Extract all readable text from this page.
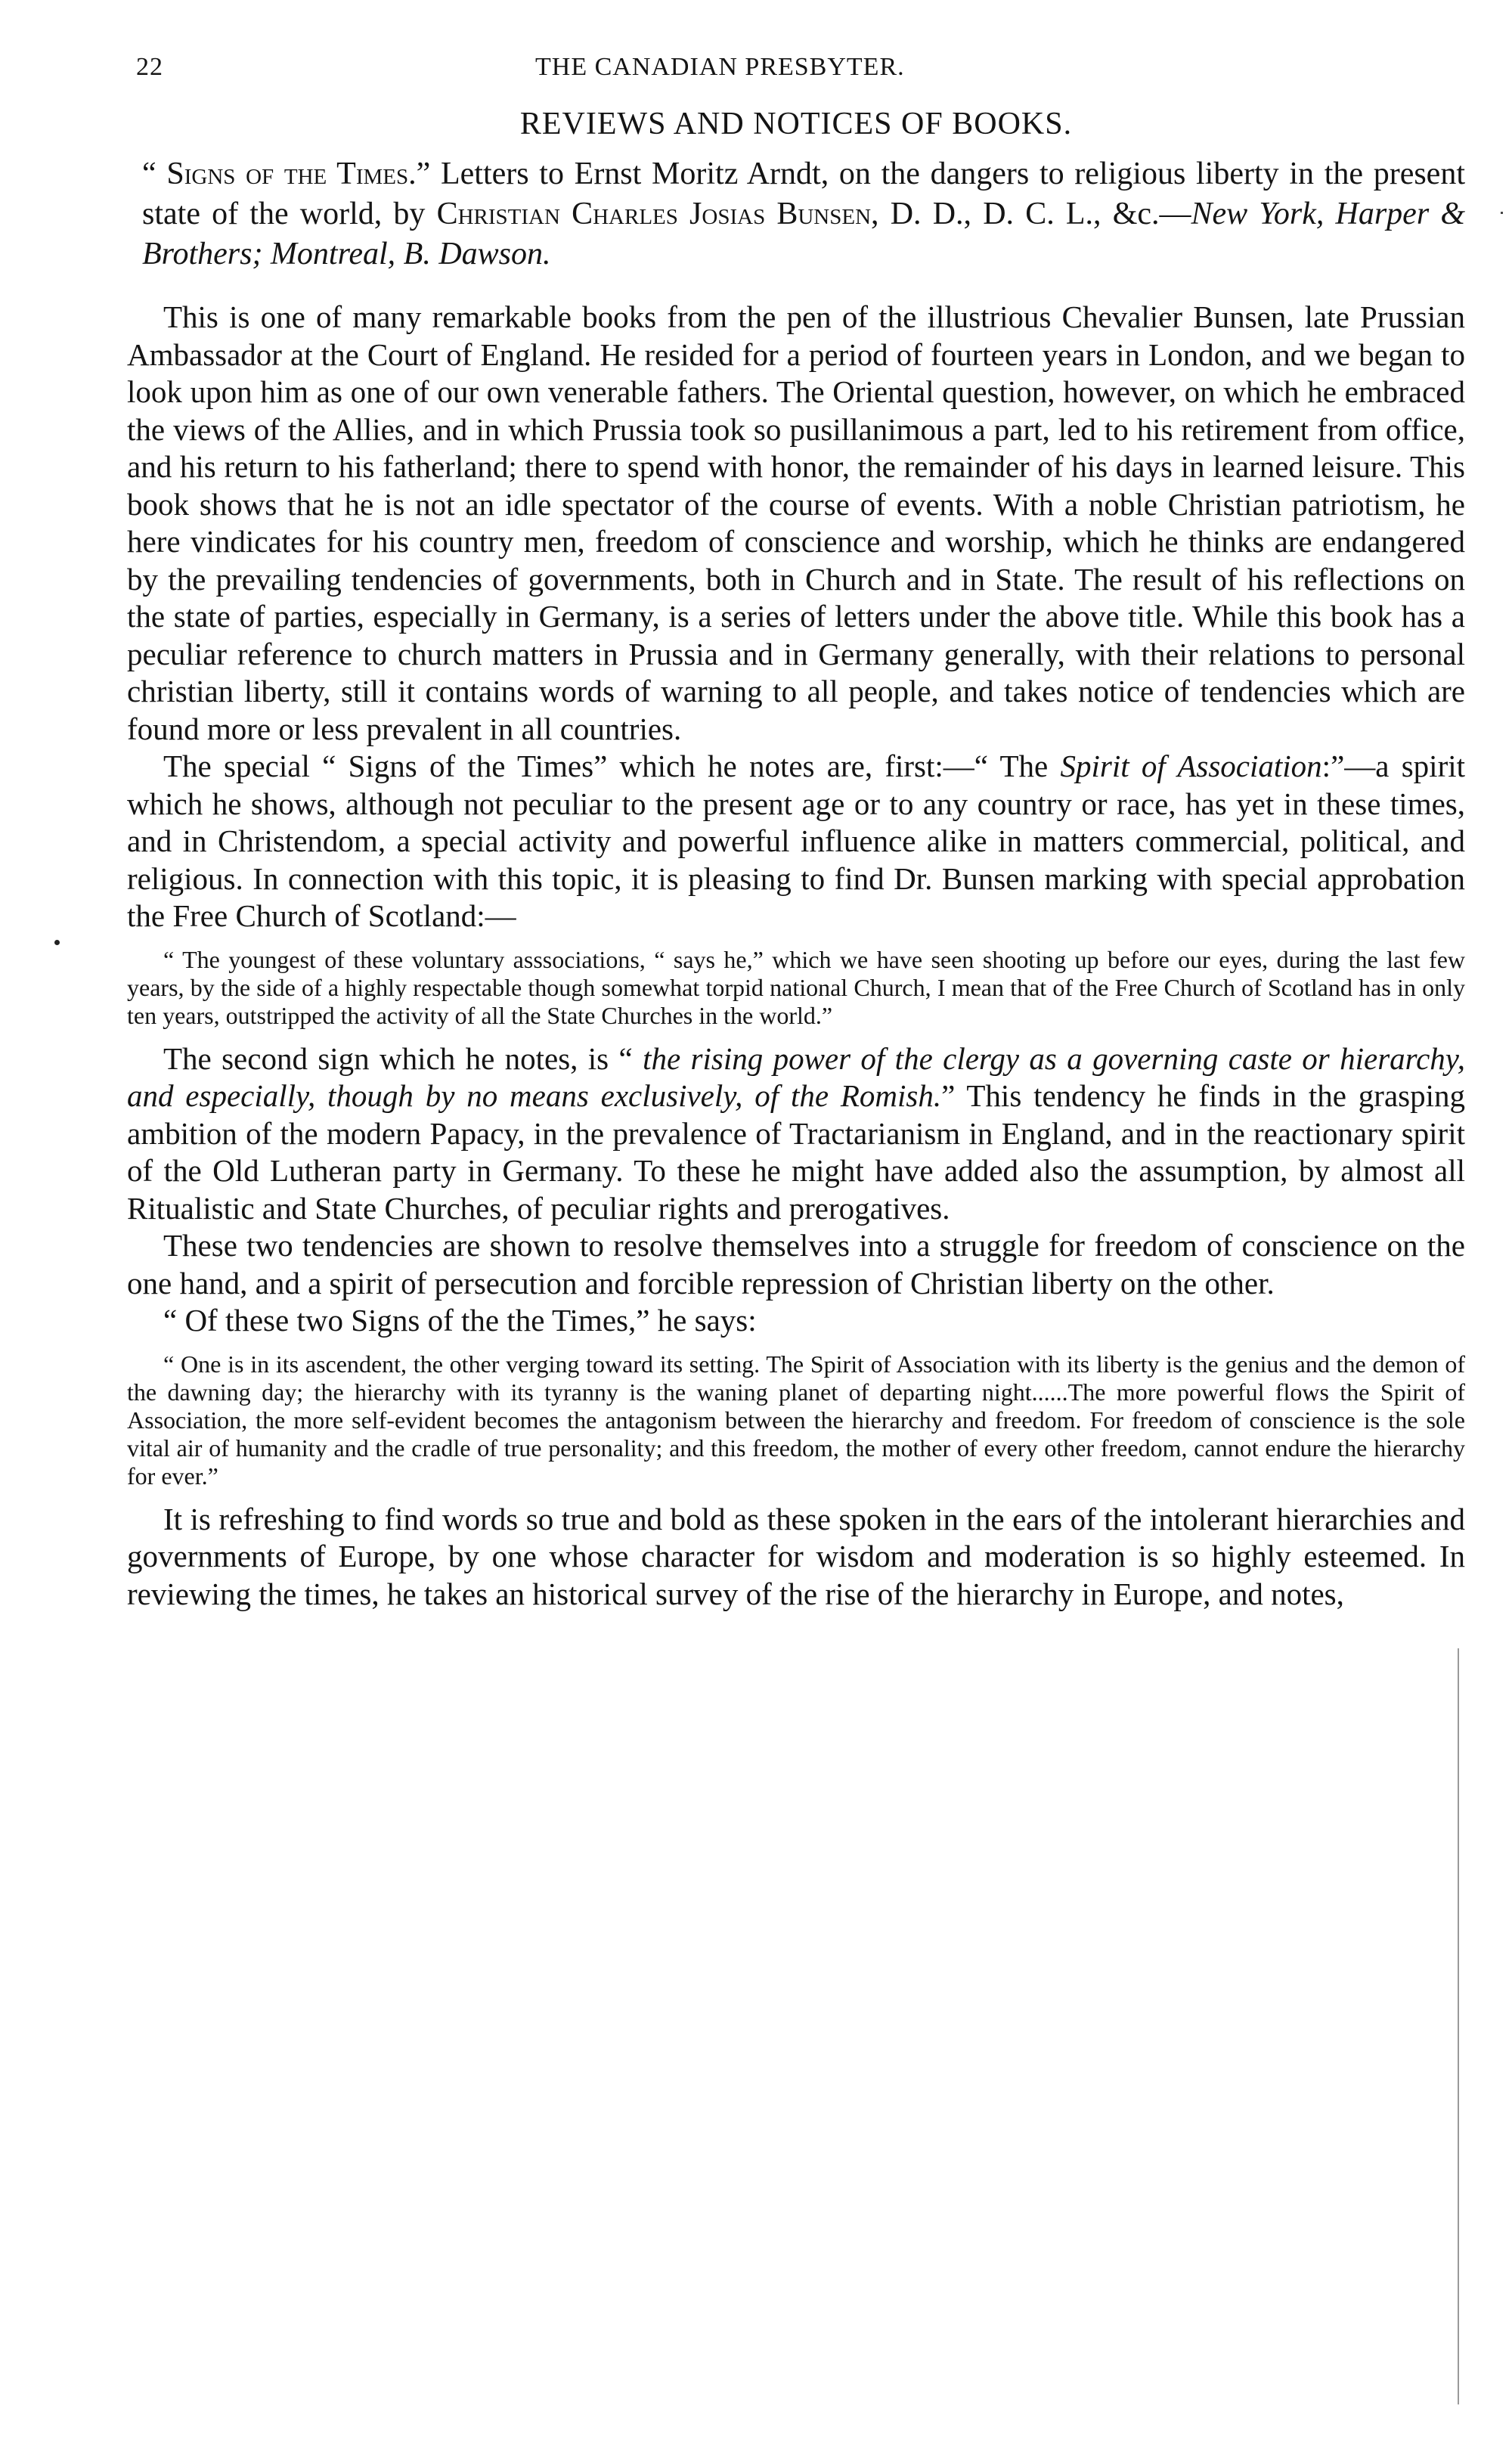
22	THE CANADIAN PRESBYTER.
REVIEWS AND NOTICES OF BOOKS.

“ Signs of the Times.” Letters to Ernst Moritz Arndt, on the dangers to religious liberty in the present state of the world, by Christian Charles Josias Bunsen, D. D., D. C. L., &c.—New York, Harper & Brothers; Montreal, B. Dawson.

This is one of many remarkable books from the pen of the illustrious Chevalier Bunsen, late Prussian Ambassador at the Court of England. He resided for a period of fourteen years in London, and we began to look upon him as one of our own venerable fathers. The Oriental question, however, on which he embraced the views of the Allies, and in which Prussia took so pusillanimous a part, led to his retirement from office, and his return to his fatherland; there to spend with honor, the remainder of his days in learned leisure. This book shows that he is not an idle spectator of the course of events. With a noble Christian patriotism, he here vindicates for his country men, freedom of conscience and worship, which he thinks are endangered by the prevailing tendencies of governments, both in Church and in State. The result of his reflections on the state of parties, especially in Germany, is a series of letters under the above title. While this book has a peculiar reference to church matters in Prussia and in Germany generally, with their relations to personal christian liberty, still it contains words of warning to all people, and takes notice of tendencies which are found more or less prevalent in all countries.

The special “ Signs of the Times” which he notes are, first:—“ The Spirit of Association:”—a spirit which he shows, although not peculiar to the present age or to any country or race, has yet in these times, and in Christendom, a special activity and powerful influence alike in matters commercial, political, and religious. In connection with this topic, it is pleasing to find Dr. Bunsen marking with special approbation the Free Church of Scotland:—

“ The youngest of these voluntary asssociations, “ says he,” which we have seen shooting up before our eyes, during the last few years, by the side of a highly respectable though somewhat torpid national Church, I mean that of the Free Church of Scotland has in only ten years, outstripped the activity of all the State Churches in the world.”

The second sign which he notes, is “ the rising power of the clergy as a governing caste or hierarchy, and especially, though by no means exclusively, of the Romish.” This tendency he finds in the grasping ambition of the modern Papacy, in the prevalence of Tractarianism in England, and in the reactionary spirit of the Old Lutheran party in Germany. To these he might have added also the assumption, by almost all Ritualistic and State Churches, of peculiar rights and prerogatives.

These two tendencies are shown to resolve themselves into a struggle for freedom of conscience on the one hand, and a spirit of persecution and forcible repression of Christian liberty on the other.

“ Of these two Signs of the the Times,” he says:

“ One is in its ascendent, the other verging toward its setting. The Spirit of Association with its liberty is the genius and the demon of the dawning day; the hierarchy with its tyranny is the waning planet of departing night......The more powerful flows the Spirit of Association, the more self-evident becomes the antagonism between the hierarchy and freedom. For freedom of conscience is the sole vital air of humanity and the cradle of true personality; and this freedom, the mother of every other freedom, cannot endure the hierarchy for ever.”

It is refreshing to find words so true and bold as these spoken in the ears of the intolerant hierarchies and governments of Europe, by one whose character for wisdom and moderation is so highly esteemed. In reviewing the times, he takes an historical survey of the rise of the hierarchy in Europe, and notes,
